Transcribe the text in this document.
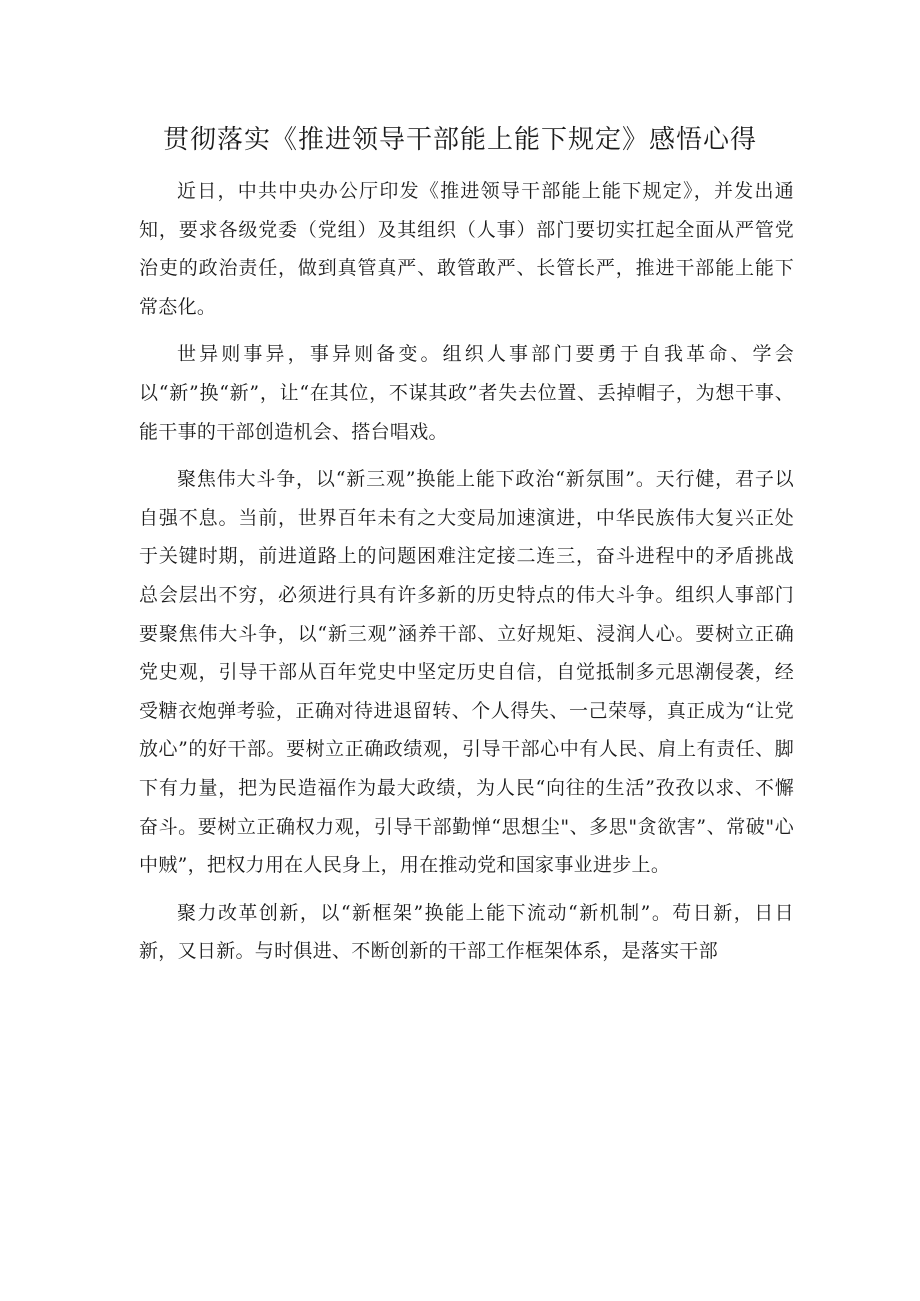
贯彻落实《推进领导干部能上能下规定》感悟心得

近日，中共中央办公厅印发《推进领导干部能上能下规定》，并发出通知，要求各级党委（党组）及其组织（人事）部门要切实扛起全面从严管党治吏的政治责任，做到真管真严、敢管敢严、长管长严，推进干部能上能下常态化。

世异则事异，事异则备变。组织人事部门要勇于自我革命、学会以“新”换“新”，让“在其位，不谋其政”者失去位置、丢掉帽子，为想干事、能干事的干部创造机会、搭台唱戏。

聚焦伟大斗争，以“新三观”换能上能下政治“新氛围”。天行健，君子以自强不息。当前，世界百年未有之大变局加速演进，中华民族伟大复兴正处于关键时期，前进道路上的问题困难注定接二连三，奋斗进程中的矛盾挑战总会层出不穷，必须进行具有许多新的历史特点的伟大斗争。组织人事部门要聚焦伟大斗争，以“新三观”涵养干部、立好规矩、浸润人心。要树立正确党史观，引导干部从百年党史中坚定历史自信，自觉抵制多元思潮侵袭，经受糖衣炮弹考验，正确对待进退留转、个人得失、一己荣辱，真正成为“让党放心”的好干部。要树立正确政绩观，引导干部心中有人民、肩上有责任、脚下有力量，把为民造福作为最大政绩，为人民“向往的生活”孜孜以求、不懈奋斗。要树立正确权力观，引导干部勤惮“思想尘"、多思"贪欲害”、常破"心中贼”，把权力用在人民身上，用在推动党和国家事业进步上。

聚力改革创新，以“新框架”换能上能下流动“新机制”。苟日新，日日新，又日新。与时俱进、不断创新的干部工作框架体系，是落实干部
